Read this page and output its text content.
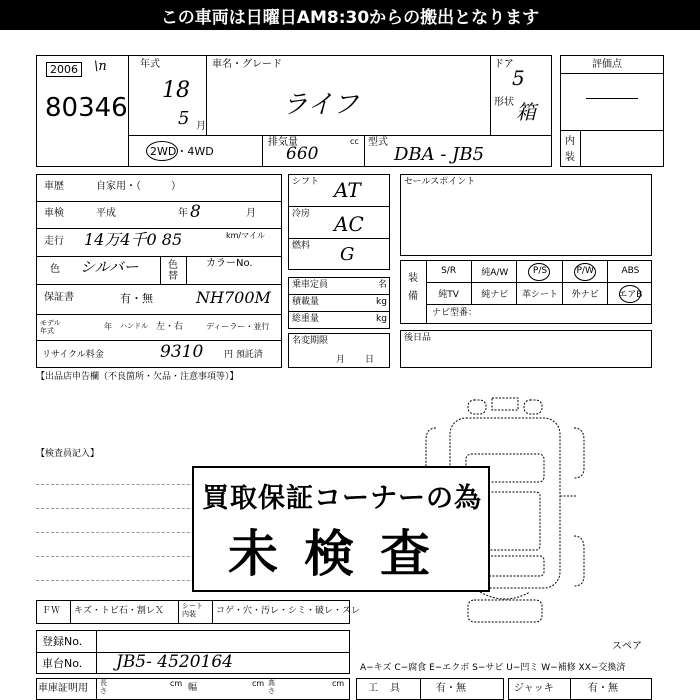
この車両は日曜日AM8:30からの搬出となります
2006	\n
80346
年式
18
5 月
車名・グレード
ライフ
ドア
5
形状 箱
2WD・4WD
排気量
660
cc 型式
DBA - JB5
評価点
内装
車歴	自家用・（　　　）
車検	平成	年 8	月
走行 14万4千0 85	km/マイル
色 シルバー	色替
カラーNo.
保証書	有・無	NH700M
モデル年式	年 ハンドル 左・右	ディーラー・並行
リサイクル料金	9310 円 預託済
【出品店申告欄（不良箇所・欠品・注意事項等）】
シフト AT
冷房 AC
燃料 G
乗車定員	名
積載量	kg
総重量	kg
名変期限
月日
セールスポイント
装備
S/R	純A/W	P/S	P/W	ABS
純TV	純ナビ	革シート	外ナビ	エアB
ナビ型番：
後日品
【検査員記入】
買取保証コーナーの為
未検査
ＦＷ キズ・トビ石・割レＸ	シート内装	コゲ・穴・汚レ・シミ・破レ・スレ
登録No.
車台No. JB5- 4520164
スペア
A−キズ C−腐食 E−エクボ S−サビ U−凹ミ W−補修 XX−交換済
車庫証明用 長さ
cm 幅	cm 高さ
cm 工具 有・無	ジャッキ	有・無
